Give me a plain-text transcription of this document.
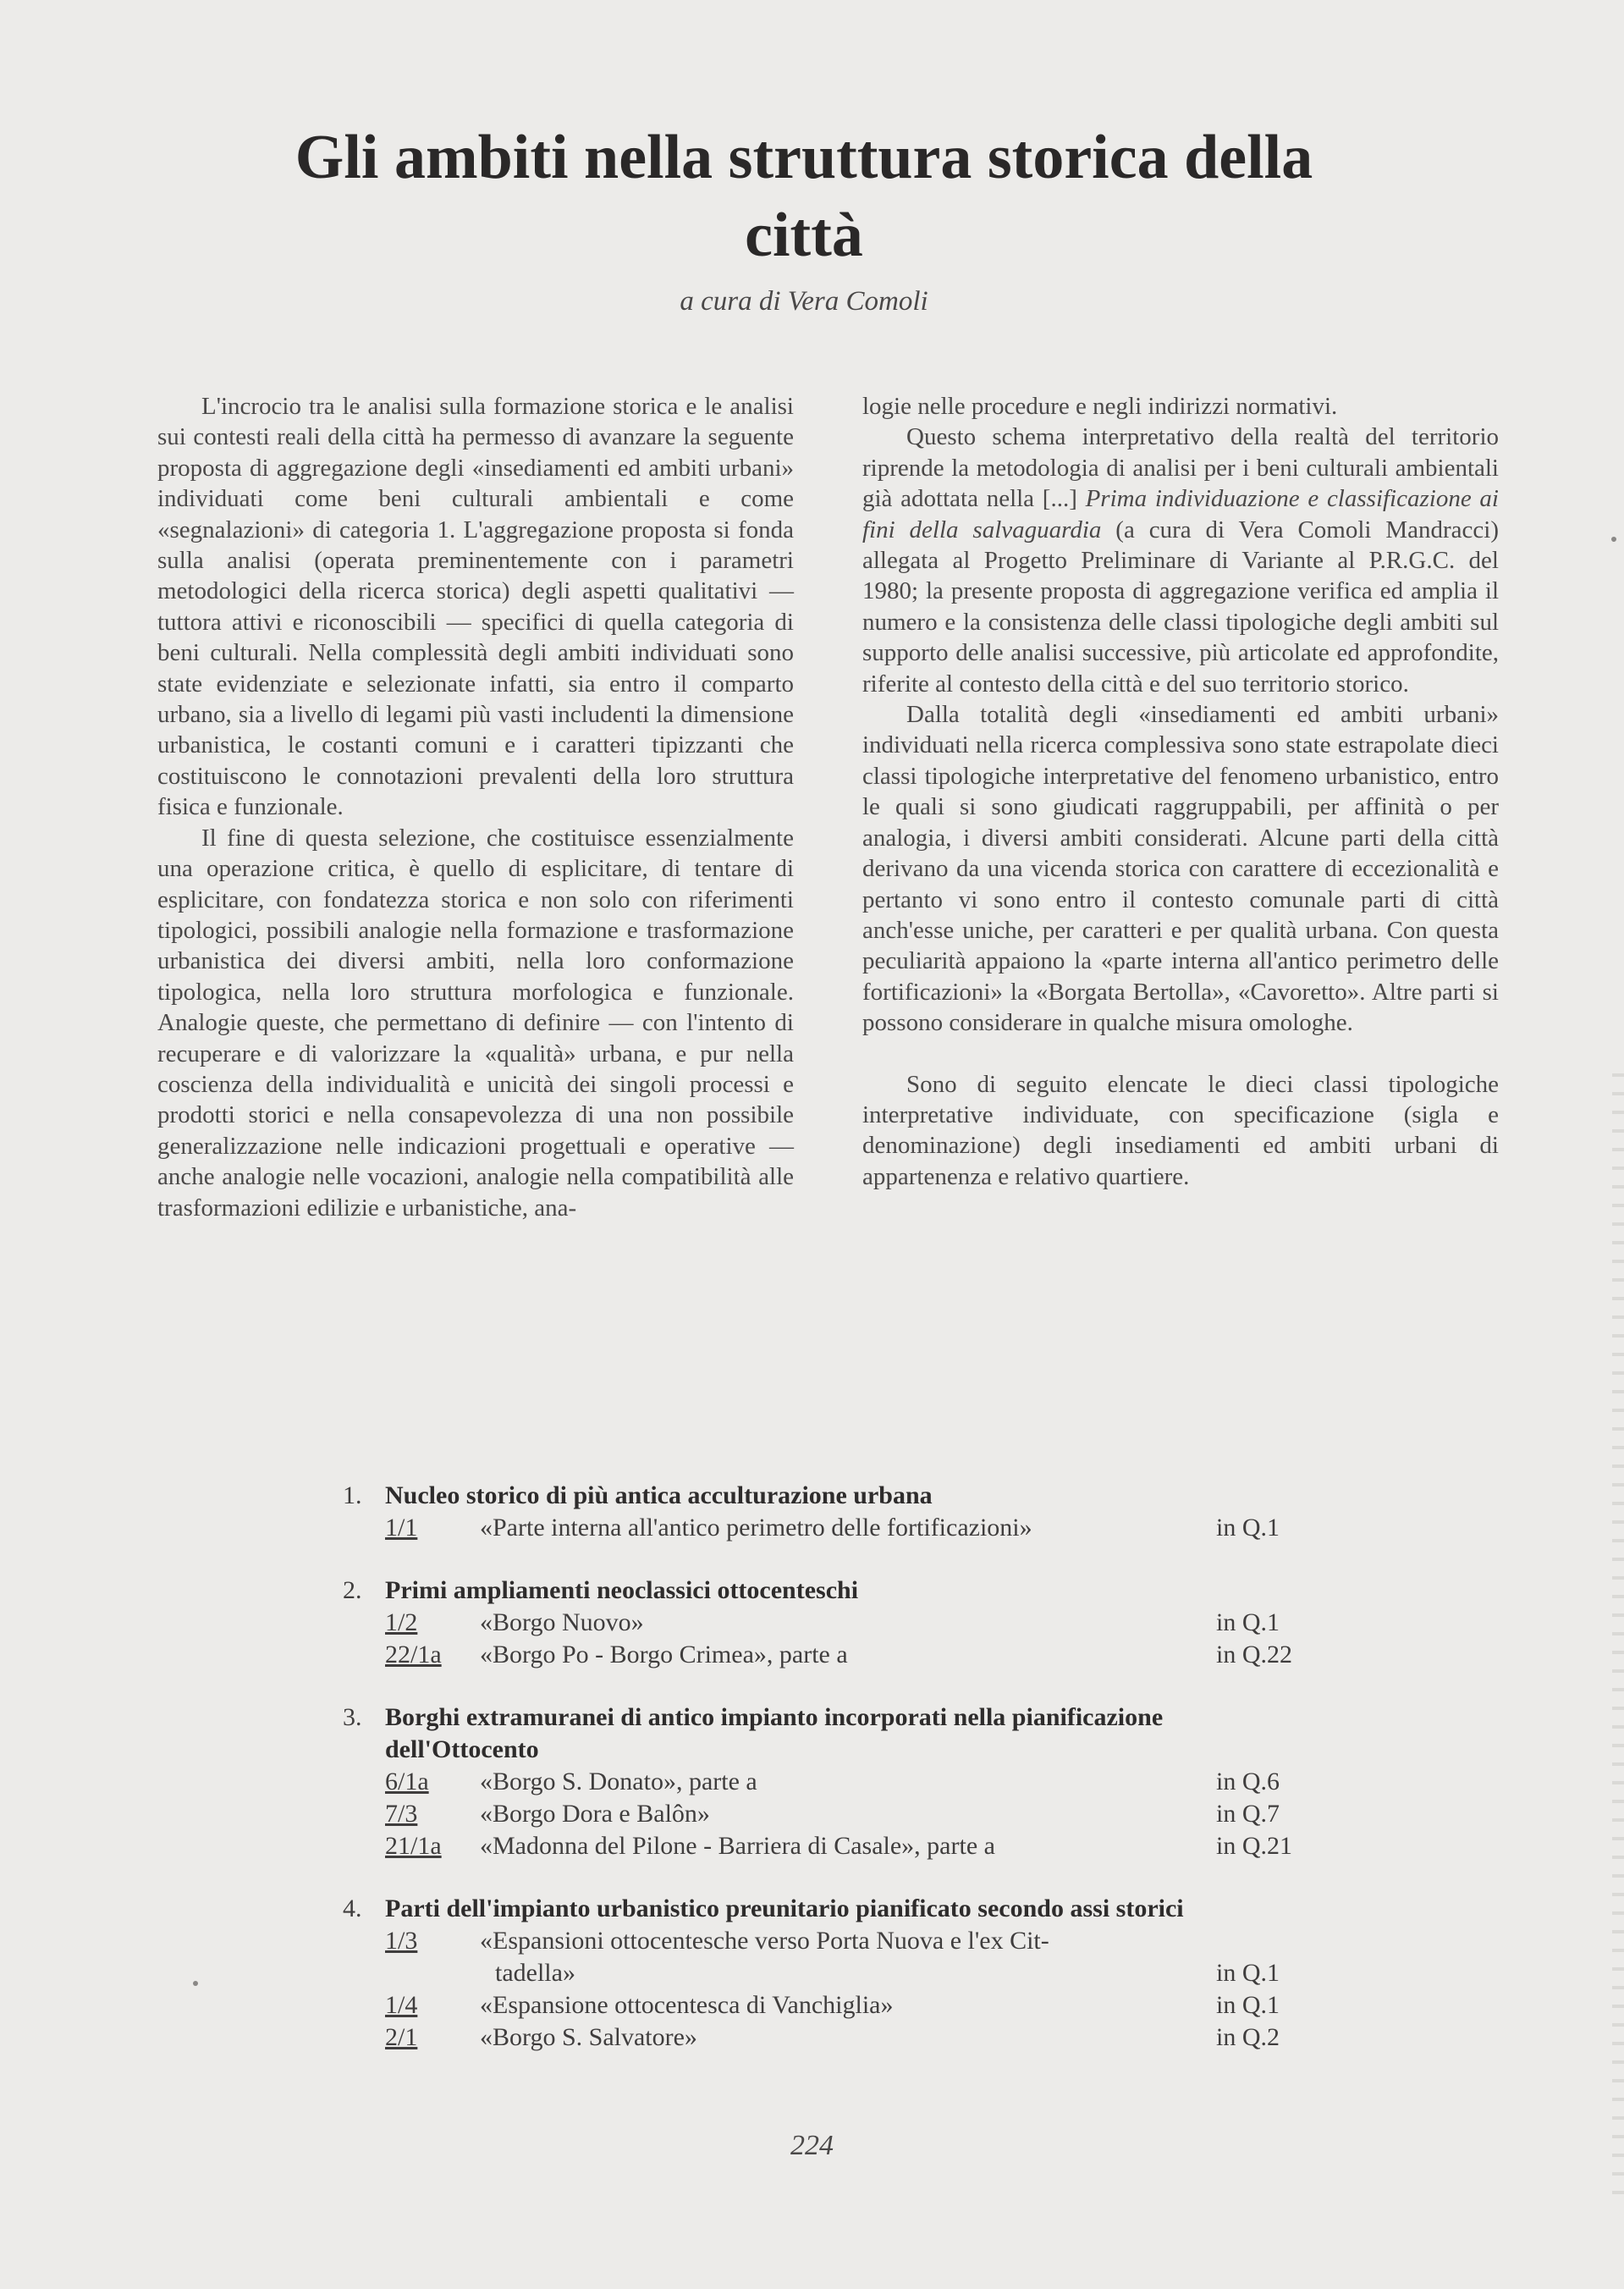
Gli ambiti nella struttura storica della città
a cura di Vera Comoli

L'incrocio tra le analisi sulla formazione storica e le analisi sui contesti reali della città ha permesso di avanzare la seguente proposta di aggregazione degli «insediamenti ed ambiti urbani» individuati come beni culturali ambientali e come «segnalazioni» di categoria 1. L'aggregazione proposta si fonda sulla analisi (operata preminentemente con i parametri metodologici della ricerca storica) degli aspetti qualitativi — tuttora attivi e riconoscibili — specifici di quella categoria di beni culturali. Nella complessità degli ambiti individuati sono state evidenziate e selezionate infatti, sia entro il comparto urbano, sia a livello di legami più vasti includenti la dimensione urbanistica, le costanti comuni e i caratteri tipizzanti che costituiscono le connotazioni prevalenti della loro struttura fisica e funzionale.

Il fine di questa selezione, che costituisce essenzialmente una operazione critica, è quello di esplicitare, di tentare di esplicitare, con fondatezza storica e non solo con riferimenti tipologici, possibili analogie nella formazione e trasformazione urbanistica dei diversi ambiti, nella loro conformazione tipologica, nella loro struttura morfologica e funzionale. Analogie queste, che permettano di definire — con l'intento di recuperare e di valorizzare la «qualità» urbana, e pur nella coscienza della individualità e unicità dei singoli processi e prodotti storici e nella consapevolezza di una non possibile generalizzazione nelle indicazioni progettuali e operative — anche analogie nelle vocazioni, analogie nella compatibilità alle trasformazioni edilizie e urbanistiche, ana-

logie nelle procedure e negli indirizzi normativi.

Questo schema interpretativo della realtà del territorio riprende la metodologia di analisi per i beni culturali ambientali già adottata nella [...] Prima individuazione e classificazione ai fini della salvaguardia (a cura di Vera Comoli Mandracci) allegata al Progetto Preliminare di Variante al P.R.G.C. del 1980; la presente proposta di aggregazione verifica ed amplia il numero e la consistenza delle classi tipologiche degli ambiti sul supporto delle analisi successive, più articolate ed approfondite, riferite al contesto della città e del suo territorio storico.

Dalla totalità degli «insediamenti ed ambiti urbani» individuati nella ricerca complessiva sono state estrapolate dieci classi tipologiche interpretative del fenomeno urbanistico, entro le quali si sono giudicati raggruppabili, per affinità o per analogia, i diversi ambiti considerati. Alcune parti della città derivano da una vicenda storica con carattere di eccezionalità e pertanto vi sono entro il contesto comunale parti di città anch'esse uniche, per caratteri e per qualità urbana. Con questa peculiarità appaiono la «parte interna all'antico perimetro delle fortificazioni» la «Borgata Bertolla», «Cavoretto». Altre parti si possono considerare in qualche misura omologhe.

Sono di seguito elencate le dieci classi tipologiche interpretative individuate, con specificazione (sigla e denominazione) degli insediamenti ed ambiti urbani di appartenenza e relativo quartiere.

1. Nucleo storico di più antica acculturazione urbana
1/1	«Parte interna all'antico perimetro delle fortificazioni»	in Q.1
2. Primi ampliamenti neoclassici ottocenteschi
1/2	«Borgo Nuovo»	in Q.1
22/1a	«Borgo Po - Borgo Crimea», parte a	in Q.22
3. Borghi extramuranei di antico impianto incorporati nella pianificazione dell'Ottocento
6/1a	«Borgo S. Donato», parte a	in Q.6
7/3	«Borgo Dora e Balôn»	in Q.7
21/1a	«Madonna del Pilone - Barriera di Casale», parte a	in Q.21
4. Parti dell'impianto urbanistico preunitario pianificato secondo assi storici
1/3	«Espansioni ottocentesche verso Porta Nuova e l'ex Cit-
tadella»	in Q.1
1/4	«Espansione ottocentesca di Vanchiglia»	in Q.1
2/1	«Borgo S. Salvatore»	in Q.2
224
